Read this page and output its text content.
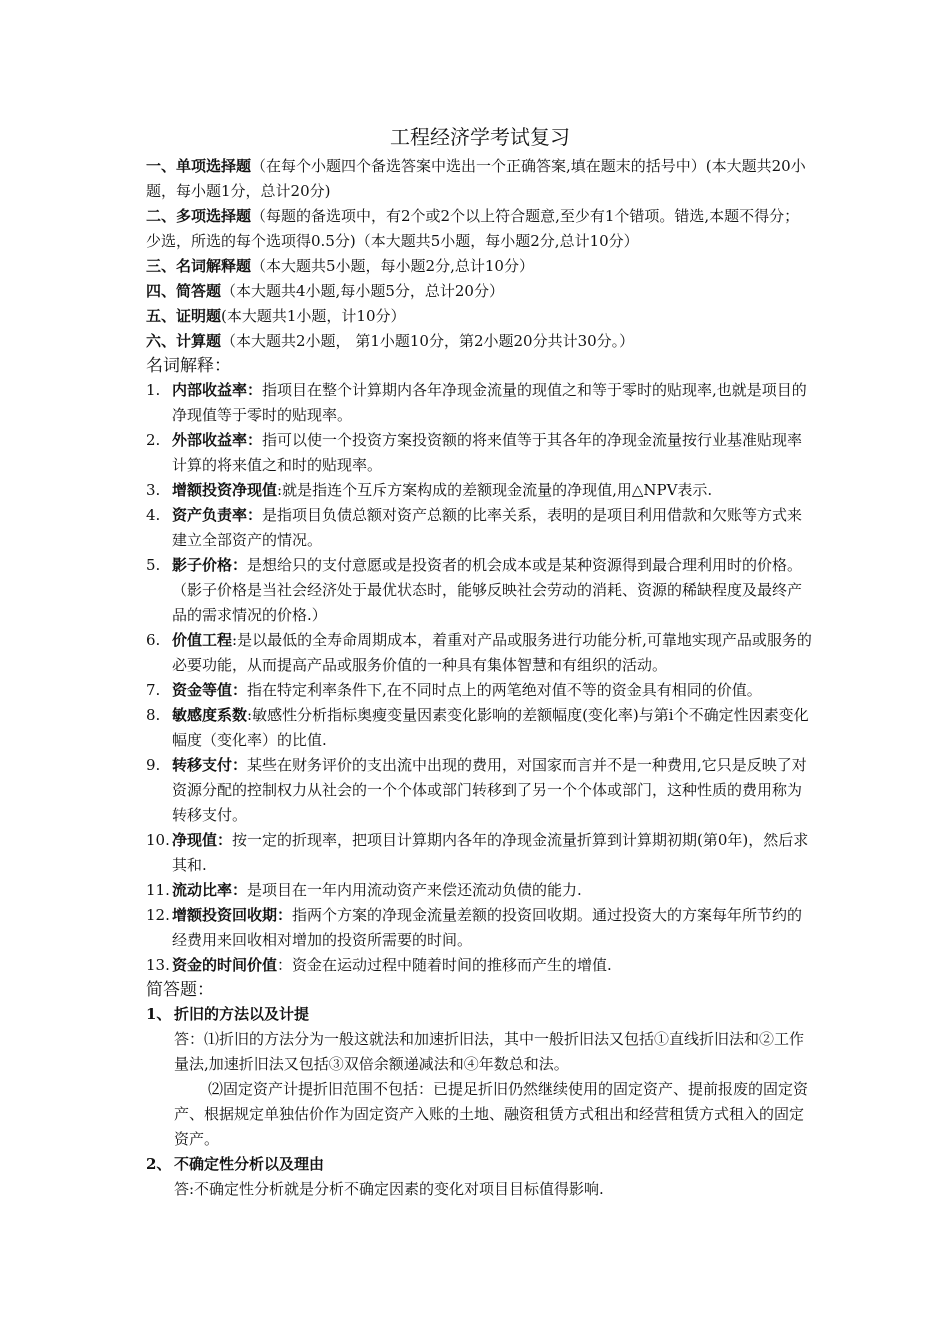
工程经济学考试复习

一、单项选择题（在每个小题四个备选答案中选出一个正确答案,填在题末的括号中）(本大题共20小题，每小题1分，总计20分)

二、多项选择题（每题的备选项中，有2个或2个以上符合题意,至少有1个错项。错选,本题不得分；少选，所选的每个选项得0.5分)（本大题共5小题，每小题2分,总计10分）

三、名词解释题（本大题共5小题，每小题2分,总计10分）

四、简答题（本大题共4小题,每小题5分，总计20分）

五、证明题(本大题共1小题，计10分）

六、计算题（本大题共2小题， 第1小题10分，第2小题20分共计30分。）

名词解释：

1. 内部收益率：指项目在整个计算期内各年净现金流量的现值之和等于零时的贴现率,也就是项目的净现值等于零时的贴现率。
2. 外部收益率：指可以使一个投资方案投资额的将来值等于其各年的净现金流量按行业基准贴现率计算的将来值之和时的贴现率。
3. 增额投资净现值:就是指连个互斥方案构成的差额现金流量的净现值,用△NPV表示.
4. 资产负责率：是指项目负债总额对资产总额的比率关系，表明的是项目利用借款和欠账等方式来建立全部资产的情况。
5. 影子价格：是想给只的支付意愿或是投资者的机会成本或是某种资源得到最合理利用时的价格。（影子价格是当社会经济处于最优状态时，能够反映社会劳动的消耗、资源的稀缺程度及最终产品的需求情况的价格.）
6. 价值工程:是以最低的全寿命周期成本，着重对产品或服务进行功能分析,可靠地实现产品或服务的必要功能，从而提高产品或服务价值的一种具有集体智慧和有组织的活动。
7. 资金等值：指在特定利率条件下,在不同时点上的两笔绝对值不等的资金具有相同的价值。
8. 敏感度系数:敏感性分析指标奥瘦变量因素变化影响的差额幅度(变化率)与第i个不确定性因素变化幅度（变化率）的比值.
9. 转移支付：某些在财务评价的支出流中出现的费用，对国家而言并不是一种费用,它只是反映了对资源分配的控制权力从社会的一个个体或部门转移到了另一个个体或部门，这种性质的费用称为转移支付。
10. 净现值：按一定的折现率，把项目计算期内各年的净现金流量折算到计算期初期(第0年)，然后求其和.
11. 流动比率：是项目在一年内用流动资产来偿还流动负债的能力.
12. 增额投资回收期：指两个方案的净现金流量差额的投资回收期。通过投资大的方案每年所节约的经费用来回收相对增加的投资所需要的时间。
13. 资金的时间价值：资金在运动过程中随着时间的推移而产生的增值.

简答题：

1、 折旧的方法以及计提

答：⑴折旧的方法分为一般这就法和加速折旧法，其中一般折旧法又包括①直线折旧法和②工作量法,加速折旧法又包括③双倍余额递减法和④年数总和法。

⑵固定资产计提折旧范围不包括：已提足折旧仍然继续使用的固定资产、提前报废的固定资产、根据规定单独估价作为固定资产入账的土地、融资租赁方式租出和经营租赁方式租入的固定资产。

2、 不确定性分析以及理由

答:不确定性分析就是分析不确定因素的变化对项目目标值得影响.
